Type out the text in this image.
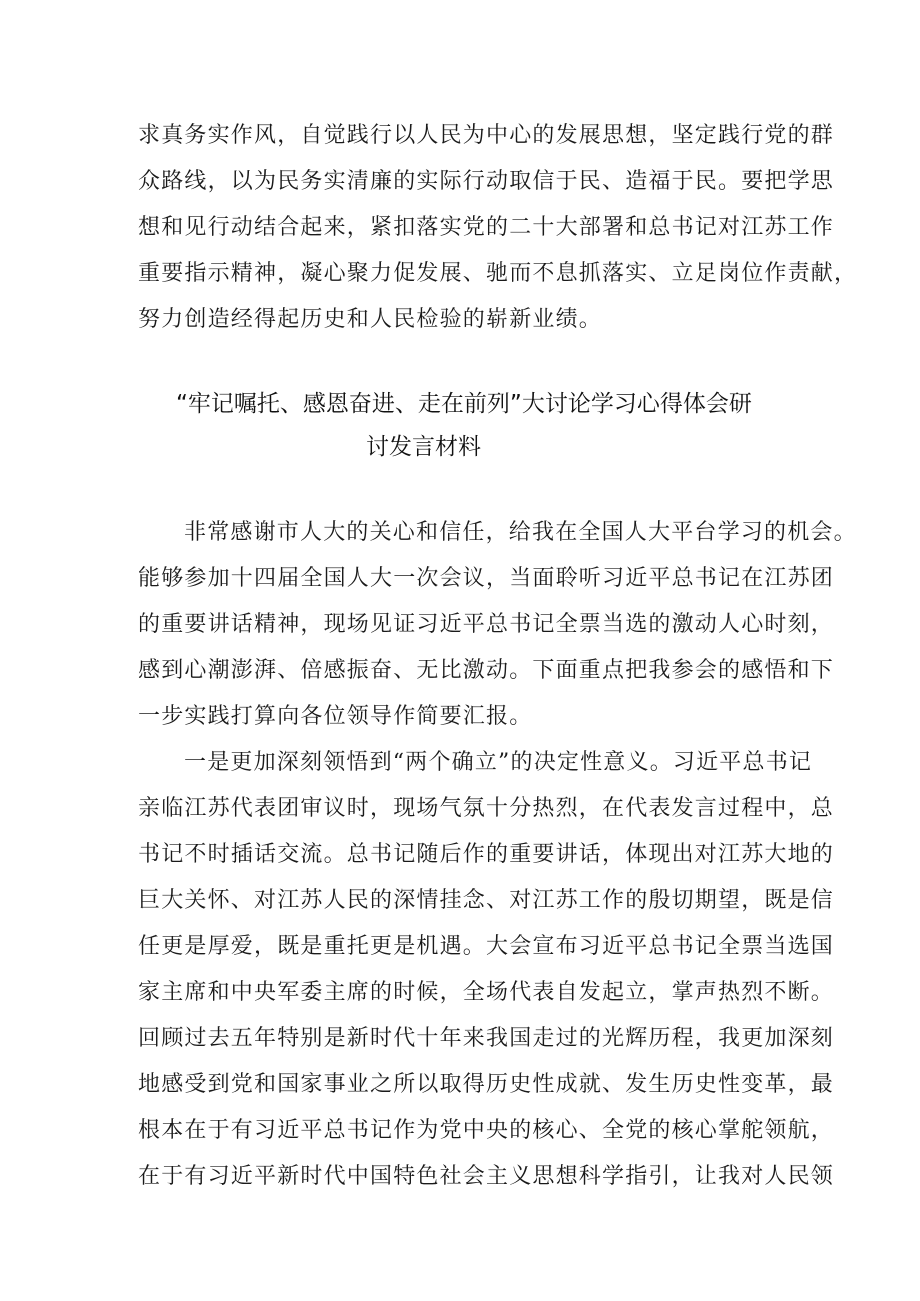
求真务实作风，自觉践行以人民为中心的发展思想，坚定践行党的群

众路线，以为民务实清廉的实际行动取信于民、造福于民。要把学思

想和见行动结合起来，紧扣落实党的二十大部署和总书记对江苏工作

重要指示精神，凝心聚力促发展、驰而不息抓落实、立足岗位作责献，

努力创造经得起历史和人民检验的崭新业绩。

“牢记嘱托、感恩奋进、走在前列”大讨论学习心得体会研
讨发言材料

非常感谢市人大的关心和信任，给我在全国人大平台学习的机会。

能够参加十四届全国人大一次会议，当面聆听习近平总书记在江苏团

的重要讲话精神，现场见证习近平总书记全票当选的激动人心时刻，

感到心潮澎湃、倍感振奋、无比激动。下面重点把我参会的感悟和下

一步实践打算向各位领导作简要汇报。

一是更加深刻领悟到“两个确立”的决定性意义。习近平总书记

亲临江苏代表团审议时，现场气氛十分热烈，在代表发言过程中，总

书记不时插话交流。总书记随后作的重要讲话，体现出对江苏大地的

巨大关怀、对江苏人民的深情挂念、对江苏工作的殷切期望，既是信

任更是厚爱，既是重托更是机遇。大会宣布习近平总书记全票当选国

家主席和中央军委主席的时候，全场代表自发起立，掌声热烈不断。

回顾过去五年特别是新时代十年来我国走过的光辉历程，我更加深刻

地感受到党和国家事业之所以取得历史性成就、发生历史性变革，最

根本在于有习近平总书记作为党中央的核心、全党的核心掌舵领航，

在于有习近平新时代中国特色社会主义思想科学指引，让我对人民领
